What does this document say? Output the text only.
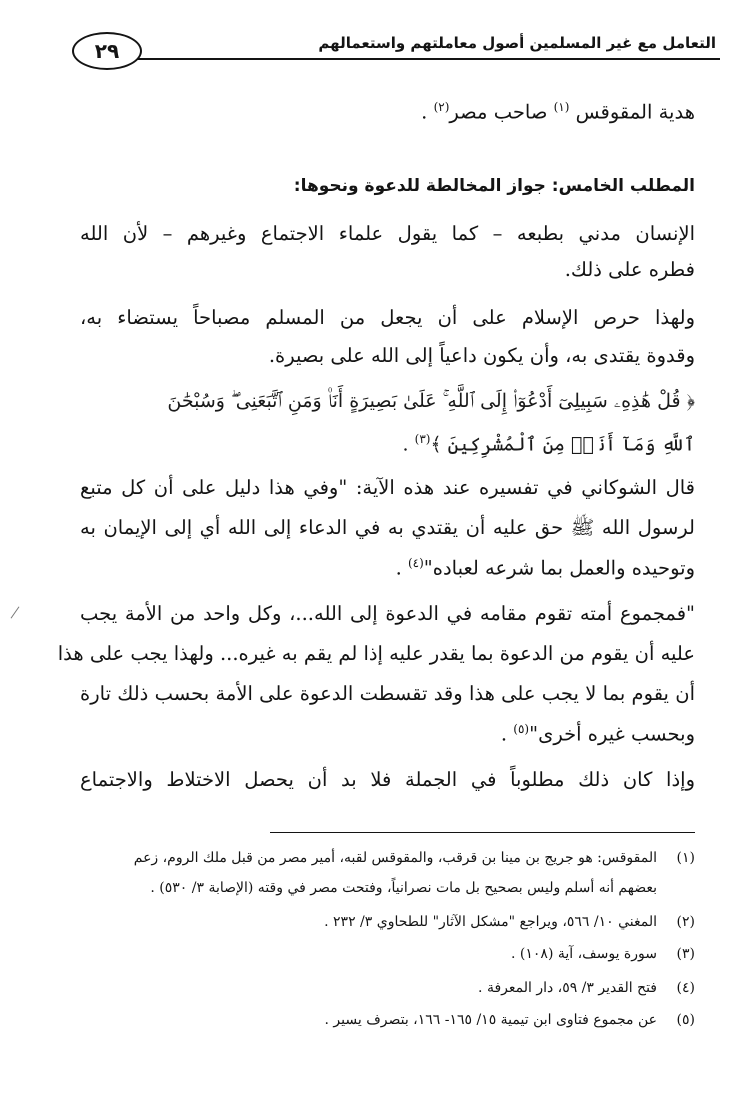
التعامل مع غير المسلمين أصول معاملتهم واستعمالهم
٢٩
هدية المقوقس $^{(١)}$ صاحب مصر$^{(٢)}$ .
المطلب الخامس: جواز المخالطة للدعوة ونحوها:
الإنسان مدني بطبعه – كما يقول علماء الاجتماع وغيرهم – لأن الله
فطره على ذلك.
ولهذا حرص الإسلام على أن يجعل من المسلم مصباحاً يستضاء به،
وقدوة يقتدى به، وأن يكون داعياً إلى الله على بصيرة.
﴿ قُلْ هَٰذِهِۦ سَبِيلِىٓ أَدْعُوٓا۟ إِلَى ٱللَّهِ ۚ عَلَىٰ بَصِيرَةٍ أَنَا۠ وَمَنِ ٱتَّبَعَنِى ۖ وَسُبْحَٰنَ
ٱللَّهِ وَمَآ أَنَا۠ مِنَ ٱلْمُشْرِكِينَ ﴾$^{(٣)}$ .
قال الشوكاني في تفسيره عند هذه الآية: "وفي هذا دليل على أن كل متبع
لرسول الله ﷺ حق عليه أن يقتدي به في الدعاء إلى الله أي إلى الإيمان به
وتوحيده والعمل بما شرعه لعباده"$^{(٤)}$ .
"فمجموع أمته تقوم مقامه في الدعوة إلى الله...، وكل واحد من الأمة يجب
عليه أن يقوم من الدعوة بما يقدر عليه إذا لم يقم به غيره... ولهذا يجب على هذا
أن يقوم بما لا يجب على هذا وقد تقسطت الدعوة على الأمة بحسب ذلك تارة
وبحسب غيره أخرى"$^{(٥)}$ .
وإذا كان ذلك مطلوباً في الجملة فلا بد أن يحصل الاختلاط والاجتماع
(١)المقوقس: هو جريج بن مينا بن قرقب، والمقوقس لقبه، أمير مصر من قبل ملك الروم، زعم
بعضهم أنه أسلم وليس بصحيح بل مات نصرانياً، وفتحت مصر في وقته (الإصابة ٣/ ٥٣٠) .
(٢)المغني ١٠/ ٥٦٦، ويراجع "مشكل الآثار" للطحاوي ٣/ ٢٣٢ .
(٣)سورة يوسف، آية (١٠٨) .
(٤)فتح القدير ٣/ ٥٩، دار المعرفة .
(٥)عن مجموع فتاوى ابن تيمية ١٥/ ١٦٥- ١٦٦، بتصرف يسير .
